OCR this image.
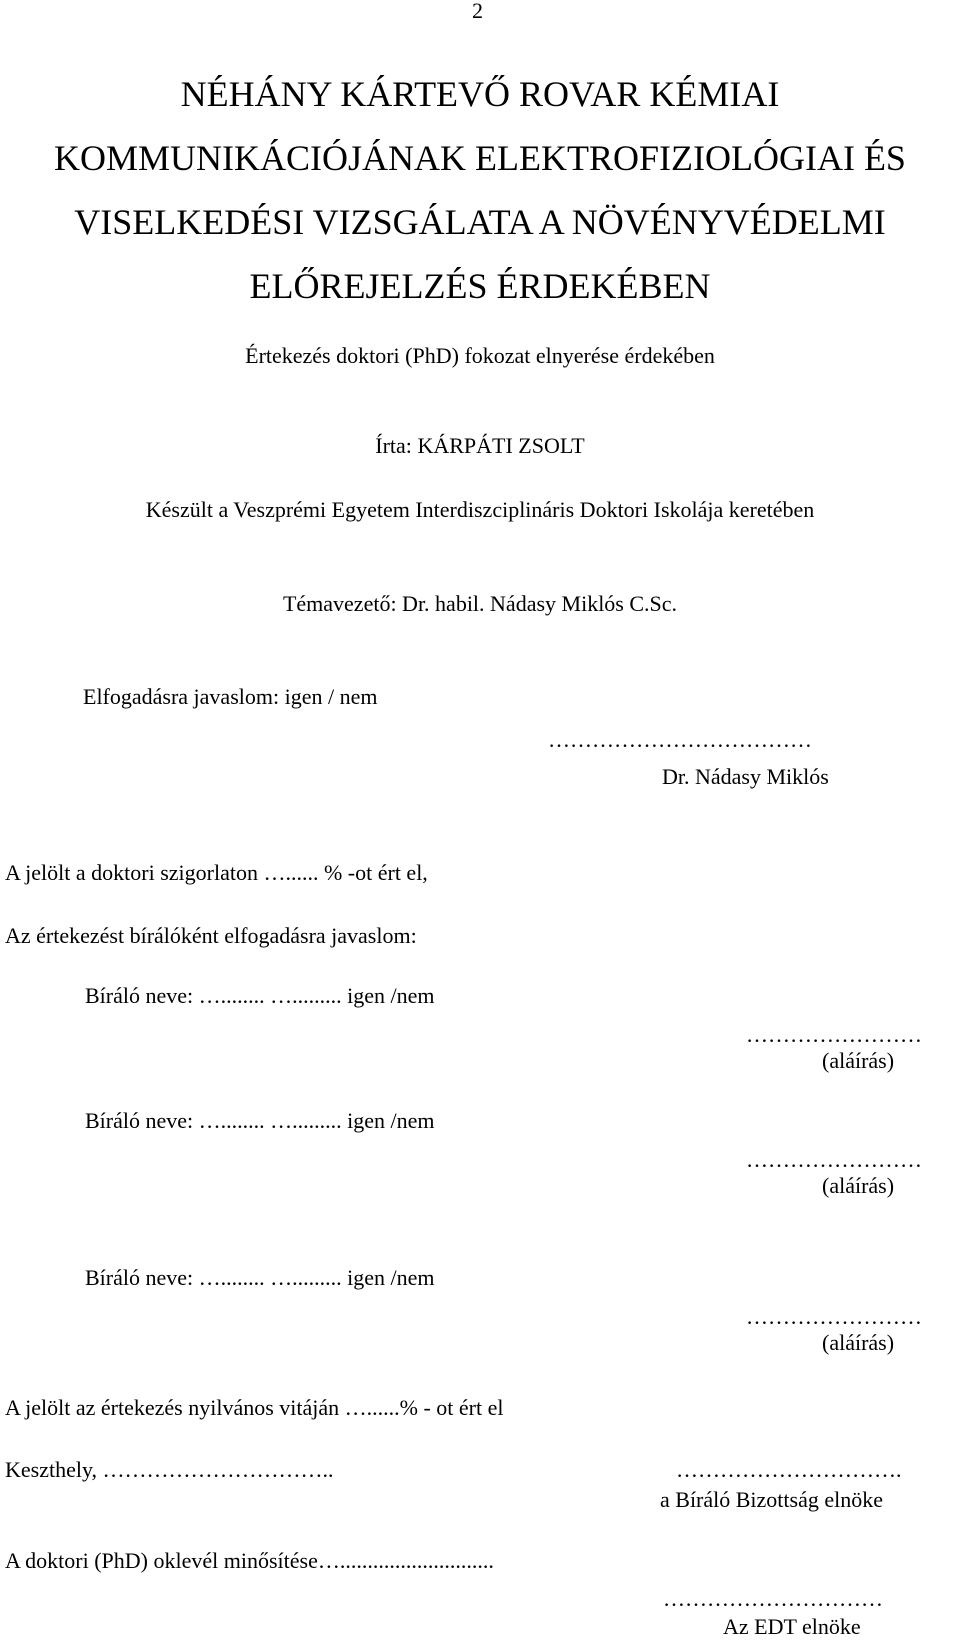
2
NÉHÁNY KÁRTEVŐ ROVAR KÉMIAI
KOMMUNIKÁCIÓJÁNAK ELEKTROFIZIOLÓGIAI ÉS
VISELKEDÉSI VIZSGÁLATA A NÖVÉNYVÉDELMI
ELŐREJELZÉS ÉRDEKÉBEN
Értekezés doktori (PhD) fokozat elnyerése érdekében
Írta: KÁRPÁTI ZSOLT
Készült a Veszprémi Egyetem Interdiszciplináris Doktori Iskolája keretében
Témavezető: Dr. habil. Nádasy Miklós C.Sc.
Elfogadásra javaslom: igen / nem
………………………………
Dr. Nádasy Miklós
A jelölt a doktori szigorlaton …...... % -ot ért el,
Az értekezést bírálóként elfogadásra javaslom:
Bíráló neve: …........ …......... igen /nem
……………………
(aláírás)
Bíráló neve: …........ …......... igen /nem
……………………
(aláírás)
Bíráló neve: …........ …......... igen /nem
……………………
(aláírás)
A jelölt az értekezés nyilvános vitáján …......% - ot ért el
Keszthely, …………………………..	………………………….
a Bíráló Bizottság elnöke
A doktori (PhD) oklevél minősítése…............................
…………………………
Az EDT elnöke
